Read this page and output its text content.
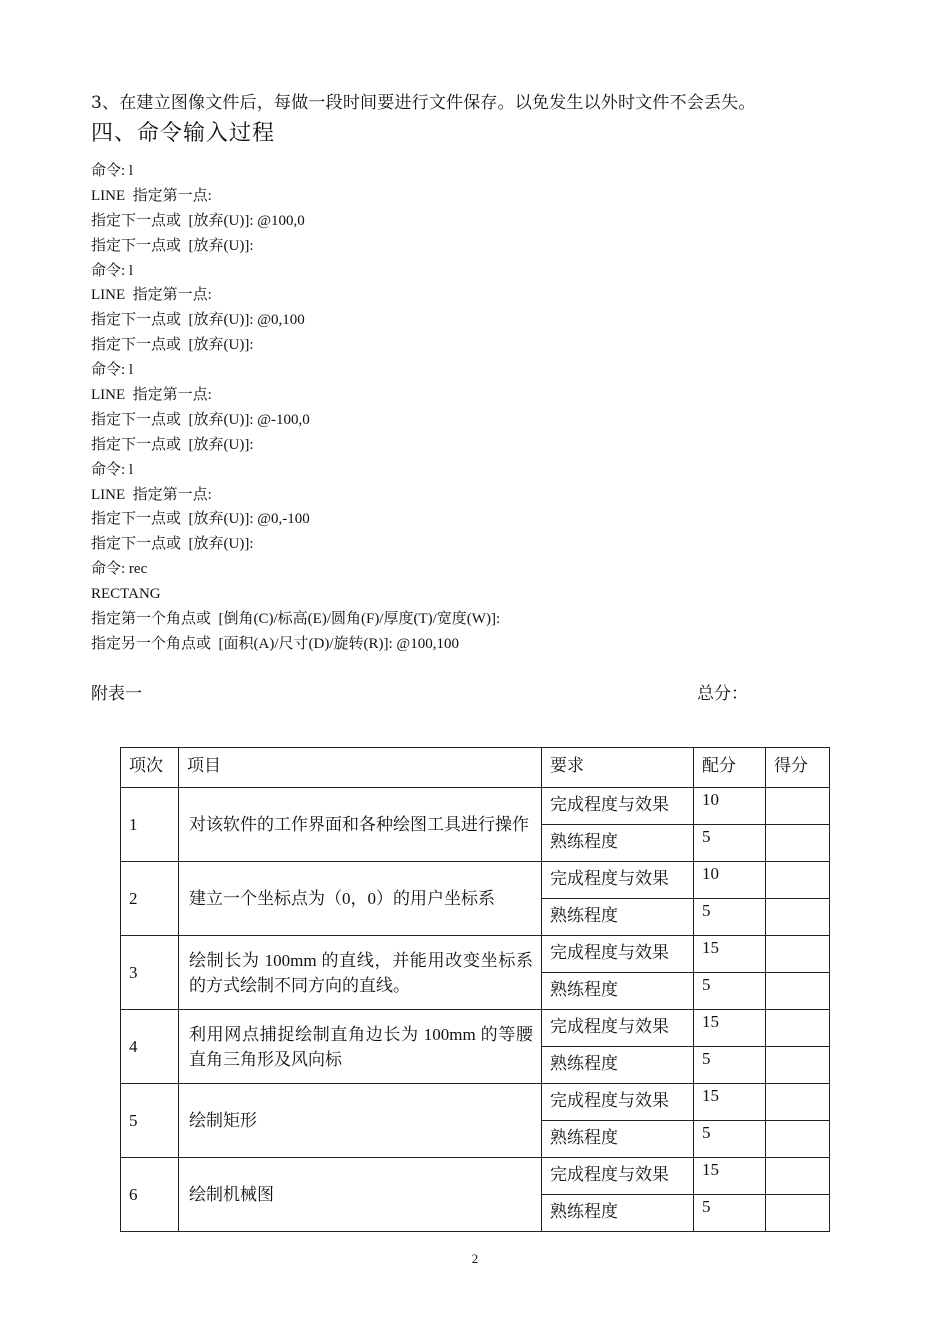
3、在建立图像文件后，每做一段时间要进行文件保存。以免发生以外时文件不会丢失。
四、命令输入过程
命令: l
LINE  指定第一点:
指定下一点或  [放弃(U)]: @100,0
指定下一点或  [放弃(U)]:
命令: l
LINE  指定第一点:
指定下一点或  [放弃(U)]: @0,100
指定下一点或  [放弃(U)]:
命令: l
LINE  指定第一点:
指定下一点或  [放弃(U)]: @-100,0
指定下一点或  [放弃(U)]:
命令: l
LINE  指定第一点:
指定下一点或  [放弃(U)]: @0,-100
指定下一点或  [放弃(U)]:
命令: rec
RECTANG
指定第一个角点或  [倒角(C)/标高(E)/圆角(F)/厚度(T)/宽度(W)]:
指定另一个角点或  [面积(A)/尺寸(D)/旋转(R)]: @100,100
附表一	总分：
项次	项目	要求	配分	得分
1	对该软件的工作界面和各种绘图工具进行操作	完成程度与效果	10	
		熟练程度	5	
2	建立一个坐标点为（0，0）的用户坐标系	完成程度与效果	10	
		熟练程度	5	
3	绘制长为 100mm 的直线，并能用改变坐标系的方式绘制不同方向的直线。	完成程度与效果	15	
		熟练程度	5	
4	利用网点捕捉绘制直角边长为 100mm 的等腰直角三角形及风向标	完成程度与效果	15	
		熟练程度	5	
5	绘制矩形	完成程度与效果	15	
		熟练程度	5	
6	绘制机械图	完成程度与效果	15	
		熟练程度	5	
2
